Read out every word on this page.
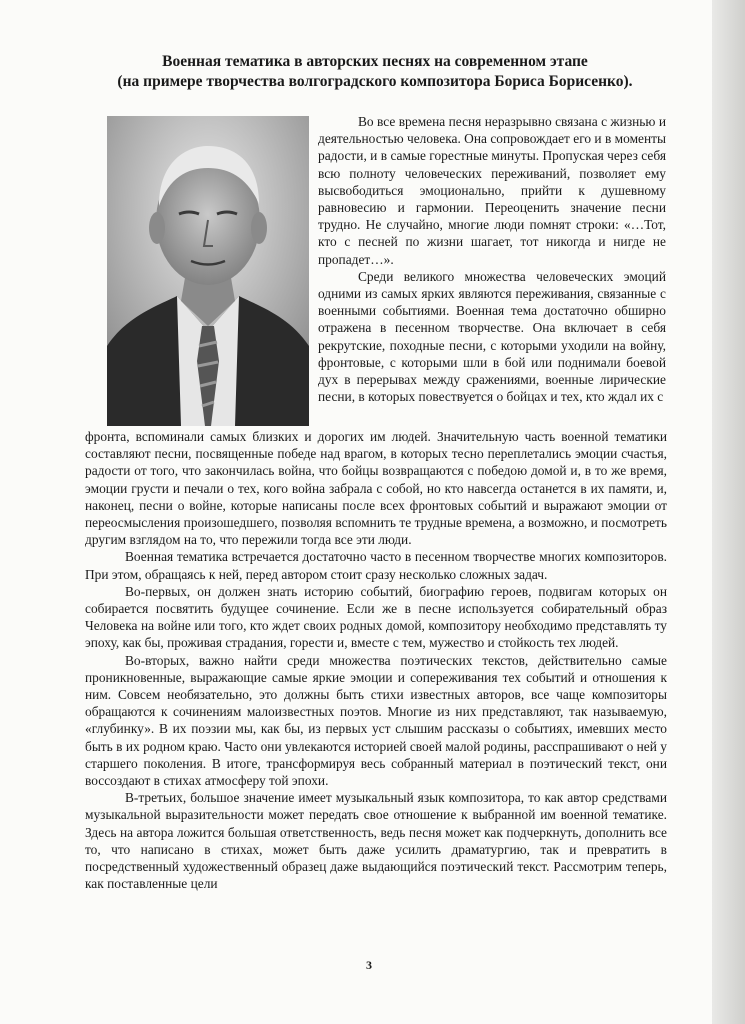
Военная тематика в авторских песнях на современном этапе
(на примере творчества волгоградского композитора Бориса Борисенко).

Во все времена песня неразрывно связана с жизнью и деятельностью человека. Она сопровождает его и в моменты радости, и в самые горестные минуты. Пропуская через себя всю полноту человеческих переживаний, позволяет ему высвободиться эмоционально, прийти к душевному равновесию и гармонии. Переоценить значение песни трудно. Не случайно, многие люди помнят строки: «…Тот, кто с песней по жизни шагает, тот никогда и нигде не пропадет…».

Среди великого множества человеческих эмоций одними из самых ярких являются переживания, связанные с военными событиями. Военная тема достаточно обширно отражена в песенном творчестве. Она включает в себя рекрутские, походные песни, с которыми уходили на войну, фронтовые, с которыми шли в бой или поднимали боевой дух в перерывах между сражениями, военные лирические песни, в которых повествуется о бойцах и тех, кто ждал их с

фронта, вспоминали самых близких и дорогих им людей. Значительную часть военной тематики составляют песни, посвященные победе над врагом, в которых тесно переплетались эмоции счастья, радости от того, что закончилась война, что бойцы возвращаются с победою домой и, в то же время, эмоции грусти и печали о тех, кого война забрала с собой, но кто навсегда останется в их памяти, и, наконец, песни о войне, которые написаны после всех фронтовых событий и выражают эмоции от переосмысления произошедшего, позволяя вспомнить те трудные времена, а возможно, и посмотреть другим взглядом на то, что пережили тогда все эти люди.

Военная тематика встречается достаточно часто в песенном творчестве многих композиторов. При этом, обращаясь к ней, перед автором стоит сразу несколько сложных задач.

Во-первых, он должен знать историю событий, биографию героев, подвигам которых он собирается посвятить будущее сочинение. Если же в песне используется собирательный образ Человека на войне или того, кто ждет своих родных домой, композитору необходимо представлять ту эпоху, как бы, проживая страдания, горести и, вместе с тем, мужество и стойкость тех людей.

Во-вторых, важно найти среди множества поэтических текстов, действительно самые проникновенные, выражающие самые яркие эмоции и сопереживания тех событий и отношения к ним. Совсем необязательно, это должны быть стихи известных авторов, все чаще композиторы обращаются к сочинениям малоизвестных поэтов. Многие из них представляют, так называемую, «глубинку». В их поэзии мы, как бы, из первых уст слышим рассказы о событиях, имевших место быть в их родном краю. Часто они увлекаются историей своей малой родины, расспрашивают о ней у старшего поколения. В итоге, трансформируя весь собранный материал в поэтический текст, они воссоздают в стихах атмосферу той эпохи.

В-третьих, большое значение имеет музыкальный язык композитора, то как автор средствами музыкальной выразительности может передать свое отношение к выбранной им военной тематике. Здесь на автора ложится большая ответственность, ведь песня может как подчеркнуть, дополнить все то, что написано в стихах, может быть даже усилить драматургию, так и превратить в посредственный художественный образец даже выдающийся поэтический текст. Рассмотрим теперь, как поставленные цели

3
